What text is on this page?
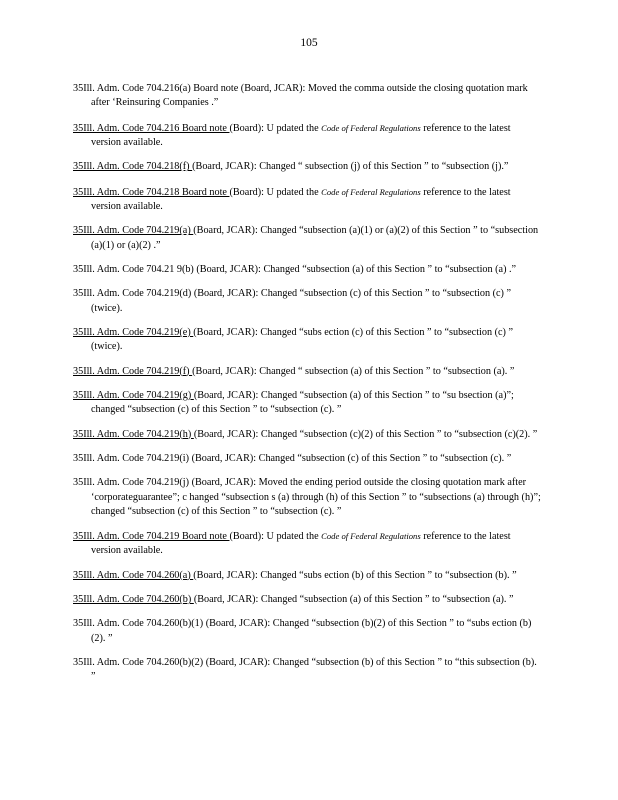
105

35Ill. Adm. Code 704.216(a) Board note (Board, JCAR): Moved the comma outside the closing quotation mark after ‘Reinsuring Companies .”

35Ill. Adm. Code 704.216 Board note (Board): U pdated the Code of Federal Regulations reference to the latest version available.

35Ill. Adm. Code 704.218(f) (Board, JCAR): Changed “ subsection (j) of this Section ” to “subsection (j).”

35Ill. Adm. Code 704.218 Board note (Board): U pdated the Code of Federal Regulations reference to the latest version available.

35Ill. Adm. Code 704.219(a) (Board, JCAR): Changed “subsection (a)(1) or (a)(2) of this Section ” to “subsection (a)(1) or (a)(2) .”

35Ill. Adm. Code 704.21 9(b) (Board, JCAR): Changed “subsection (a) of this Section ” to “subsection (a) .”

35Ill. Adm. Code 704.219(d) (Board, JCAR): Changed “subsection (c) of this Section ” to “subsection (c) ” (twice).

35Ill. Adm. Code 704.219(e) (Board, JCAR): Changed “subs ection (c) of this Section ” to “subsection (c) ” (twice).

35Ill. Adm. Code 704.219(f) (Board, JCAR): Changed “ subsection (a) of this Section ” to “subsection (a). ”

35Ill. Adm. Code 704.219(g) (Board, JCAR): Changed “subsection (a) of this Section ” to “su bsection (a)”; changed “subsection (c) of this Section ” to “subsection (c). ”

35Ill. Adm. Code 704.219(h) (Board, JCAR): Changed “subsection (c)(2) of this Section ” to “subsection (c)(2). ”

35Ill. Adm. Code 704.219(i) (Board, JCAR): Changed “subsection (c) of this Section ” to “subsection (c). ”

35Ill. Adm. Code 704.219(j) (Board, JCAR): Moved the ending period outside the closing quotation mark after ‘corporateguarantee”; c hanged “subsection s (a) through (h) of this Section ” to “subsections (a) through (h)”; changed “subsection (c) of this Section ” to “subsection (c). ”

35Ill. Adm. Code 704.219 Board note (Board): U pdated the Code of Federal Regulations reference to the latest version available.

35Ill. Adm. Code 704.260(a) (Board, JCAR): Changed “subs ection (b) of this Section ” to “subsection (b). ”

35Ill. Adm. Code 704.260(b) (Board, JCAR): Changed “subsection (a) of this Section ” to “subsection (a). ”

35Ill. Adm. Code 704.260(b)(1) (Board, JCAR): Changed “subsection (b)(2) of this Section ” to “subs ection (b)(2). ”

35Ill. Adm. Code 704.260(b)(2) (Board, JCAR): Changed “subsection (b) of this Section ” to “this subsection (b). ”
